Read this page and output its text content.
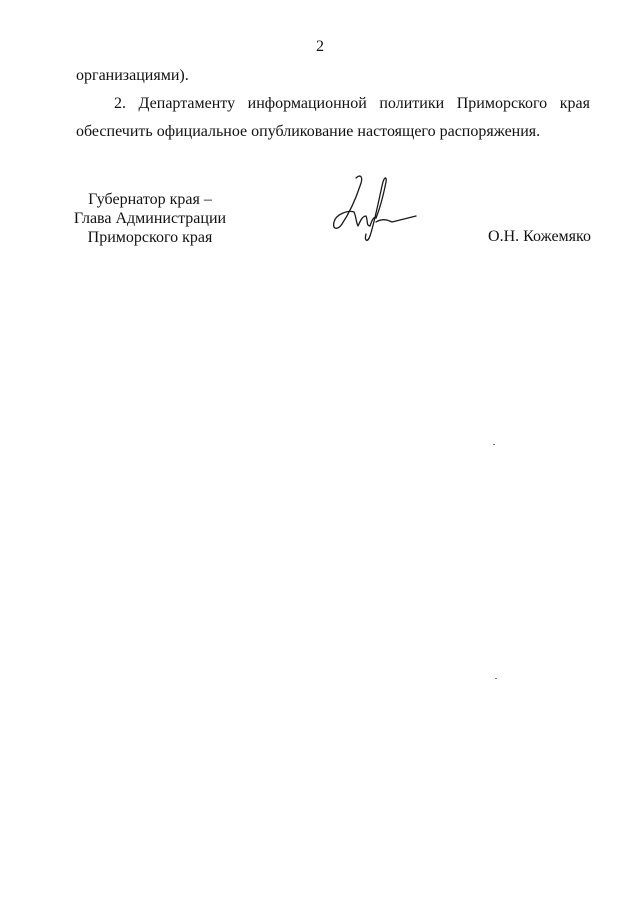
2
организациями).
2. Департаменту информационной политики Приморского края
обеспечить официальное опубликование настоящего распоряжения.
Губернатор края –
Глава Администрации
Приморского края	О.Н. Кожемяко
